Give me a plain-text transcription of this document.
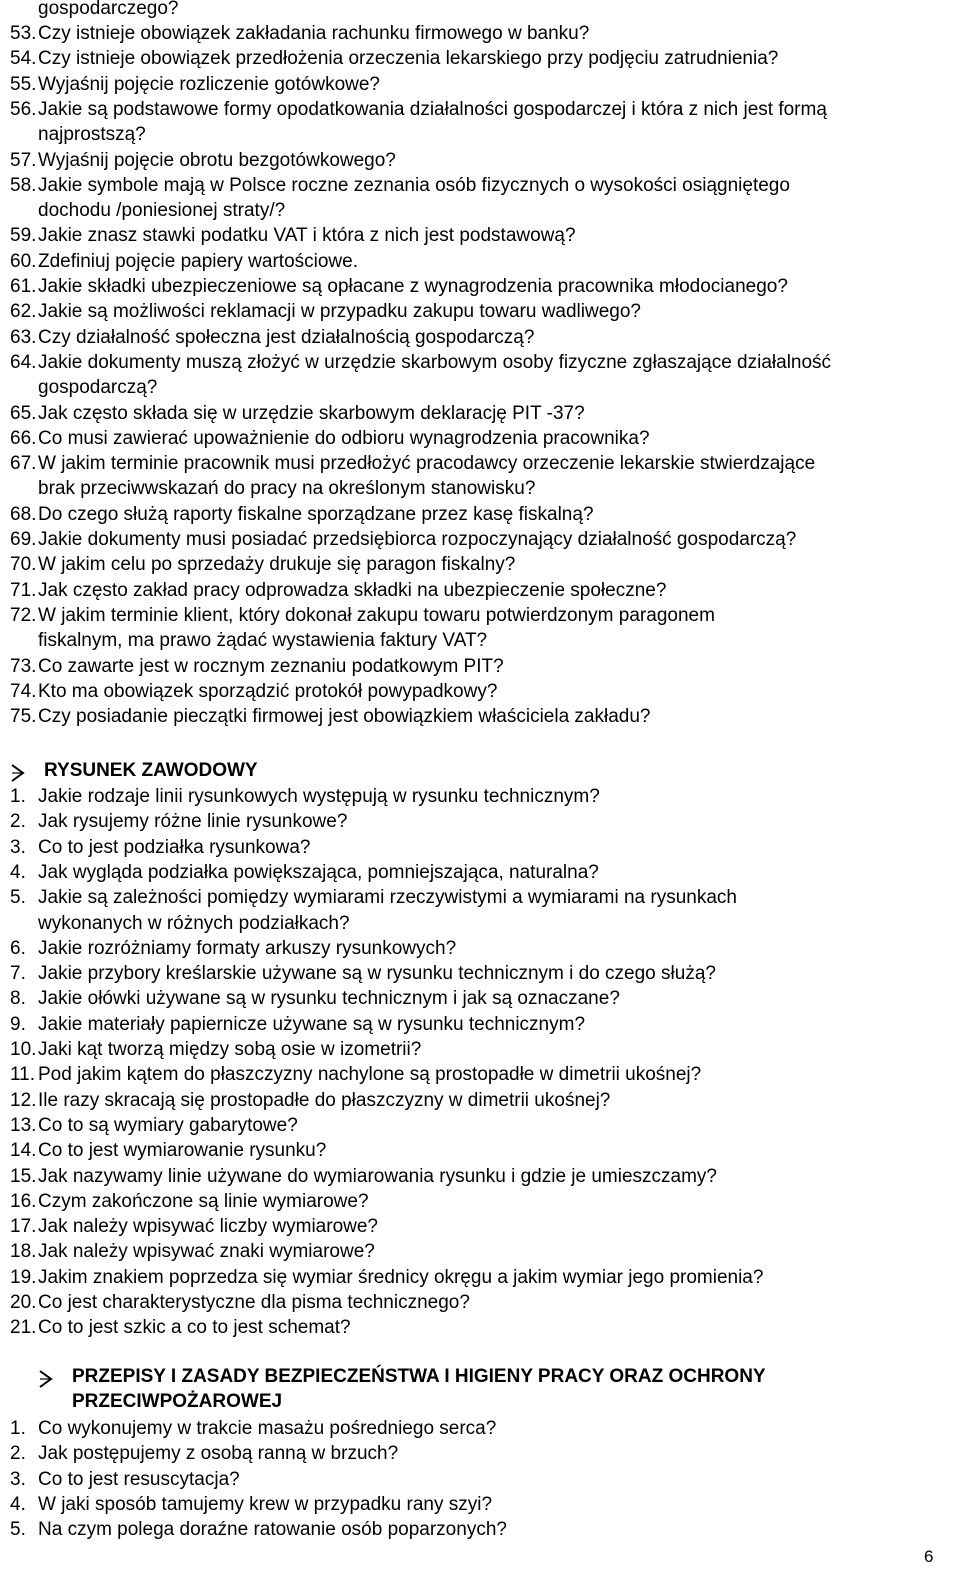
gospodarczego?
53. Czy istnieje obowiązek zakładania rachunku firmowego w banku?
54. Czy istnieje obowiązek przedłożenia orzeczenia lekarskiego przy podjęciu zatrudnienia?
55. Wyjaśnij pojęcie rozliczenie gotówkowe?
56. Jakie są podstawowe formy opodatkowania działalności gospodarczej i która z nich jest formą
najprostszą?
57. Wyjaśnij pojęcie obrotu bezgotówkowego?
58. Jakie symbole mają w Polsce roczne zeznania osób fizycznych o wysokości osiągniętego
dochodu /poniesionej straty/?
59. Jakie znasz stawki podatku VAT i która z nich jest podstawową?
60. Zdefiniuj pojęcie papiery wartościowe.
61. Jakie składki ubezpieczeniowe są opłacane z wynagrodzenia pracownika młodocianego?
62. Jakie są możliwości reklamacji w przypadku zakupu towaru wadliwego?
63. Czy działalność społeczna jest działalnością gospodarczą?
64. Jakie dokumenty muszą złożyć w urzędzie skarbowym osoby fizyczne zgłaszające działalność
gospodarczą?
65. Jak często składa się w urzędzie skarbowym deklarację PIT -37?
66. Co musi zawierać upoważnienie do odbioru wynagrodzenia pracownika?
67. W jakim terminie pracownik musi przedłożyć pracodawcy orzeczenie lekarskie stwierdzające
brak przeciwwskazań do pracy na określonym stanowisku?
68. Do czego służą raporty fiskalne sporządzane przez kasę fiskalną?
69. Jakie dokumenty musi posiadać przedsiębiorca rozpoczynający działalność gospodarczą?
70. W jakim celu po sprzedaży drukuje się paragon fiskalny?
71. Jak często zakład pracy odprowadza składki na ubezpieczenie społeczne?
72. W jakim terminie klient, który dokonał zakupu towaru potwierdzonym paragonem
fiskalnym, ma prawo żądać wystawienia faktury VAT?
73. Co zawarte jest w rocznym zeznaniu podatkowym PIT?
74. Kto ma obowiązek sporządzić protokół powypadkowy?
75. Czy posiadanie pieczątki firmowej jest obowiązkiem właściciela zakładu?
RYSUNEK ZAWODOWY
1. Jakie rodzaje linii rysunkowych występują w rysunku technicznym?
2. Jak rysujemy różne linie rysunkowe?
3. Co to jest podziałka rysunkowa?
4. Jak wygląda podziałka powiększająca, pomniejszająca, naturalna?
5. Jakie są zależności pomiędzy wymiarami rzeczywistymi a wymiarami na rysunkach
wykonanych w różnych podziałkach?
6. Jakie rozróżniamy formaty arkuszy rysunkowych?
7. Jakie przybory kreślarskie używane są w rysunku technicznym i do czego służą?
8. Jakie ołówki używane są w rysunku technicznym i jak są oznaczane?
9. Jakie materiały papiernicze używane są w rysunku technicznym?
10. Jaki kąt tworzą między sobą osie w izometrii?
11. Pod jakim kątem do płaszczyzny nachylone są prostopadłe w dimetrii ukośnej?
12. Ile razy skracają się prostopadłe do płaszczyzny w dimetrii ukośnej?
13. Co to są wymiary gabarytowe?
14. Co to jest wymiarowanie rysunku?
15. Jak nazywamy linie używane do wymiarowania rysunku i gdzie je umieszczamy?
16. Czym zakończone są linie wymiarowe?
17. Jak należy wpisywać liczby wymiarowe?
18. Jak należy wpisywać znaki wymiarowe?
19. Jakim znakiem poprzedza się wymiar średnicy okręgu a jakim wymiar jego promienia?
20. Co jest charakterystyczne dla pisma technicznego?
21. Co to jest szkic a co to jest schemat?
PRZEPISY I ZASADY BEZPIECZEŃSTWA I HIGIENY PRACY ORAZ OCHRONY
PRZECIWPOŻAROWEJ
1. Co wykonujemy w trakcie masażu pośredniego serca?
2. Jak postępujemy z osobą ranną w brzuch?
3. Co to jest resuscytacja?
4. W jaki sposób tamujemy krew w przypadku rany szyi?
5. Na czym polega doraźne ratowanie osób poparzonych?
6
